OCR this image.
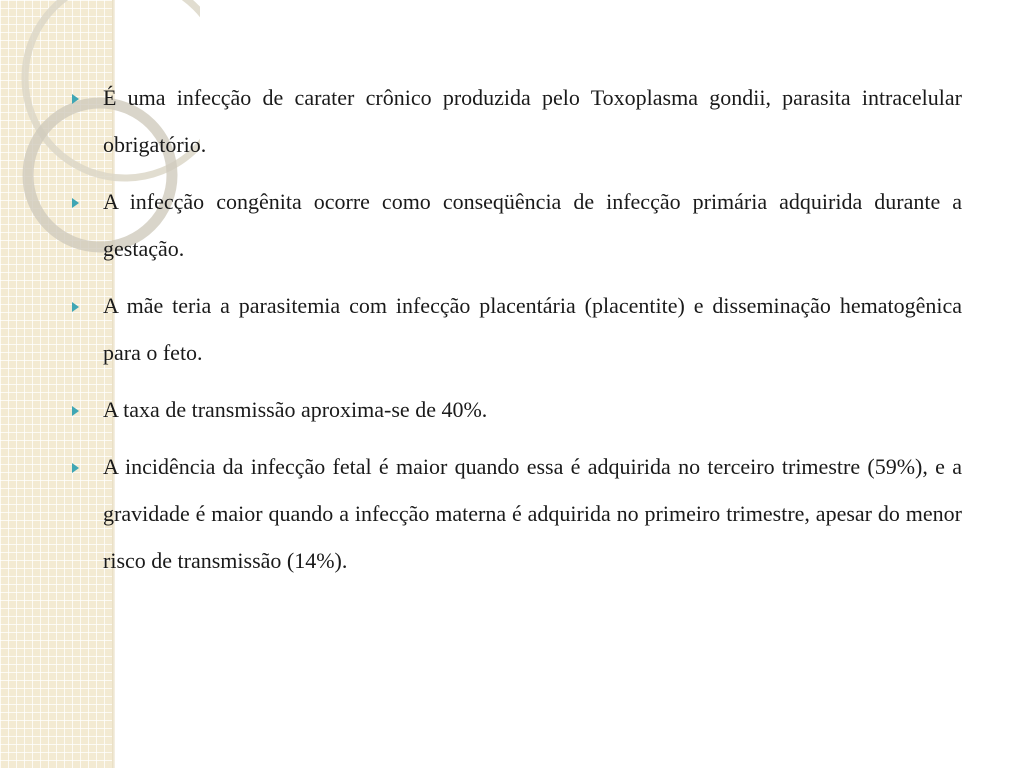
É uma infecção de carater crônico produzida pelo Toxoplasma gondii, parasita intracelular obrigatório.
A infecção congênita ocorre como conseqüência de infecção primária adquirida durante a gestação.
A mãe teria a parasitemia com infecção placentária (placentite) e disseminação hematogênica para o feto.
A taxa de transmissão aproxima-se de 40%.
A incidência da infecção fetal é maior quando essa é adquirida no terceiro trimestre (59%), e a gravidade é maior quando a infecção materna é adquirida no primeiro trimestre, apesar do menor risco de transmissão (14%).
